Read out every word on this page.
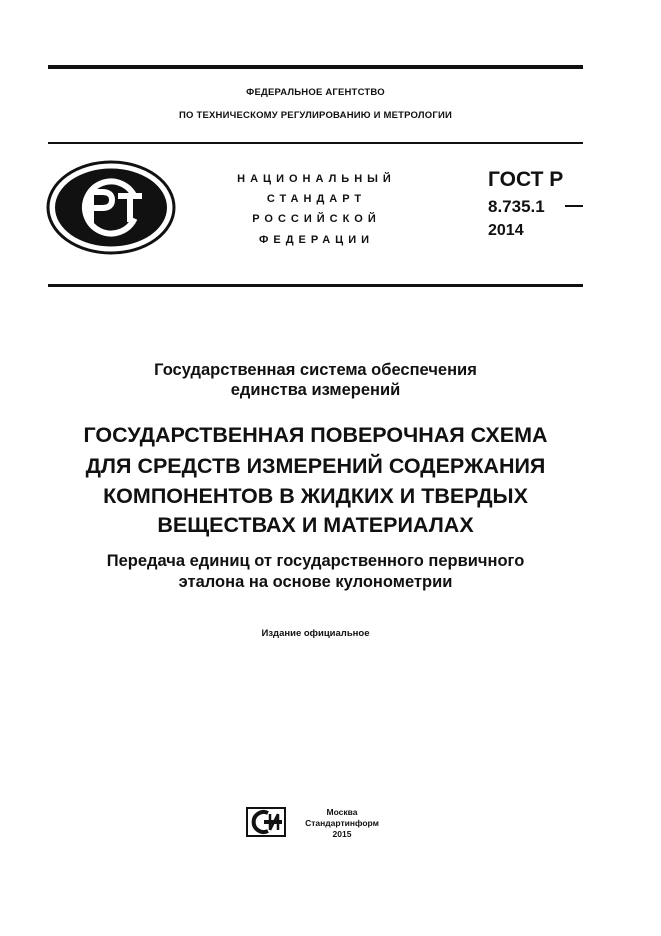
ФЕДЕРАЛЬНОЕ АГЕНТСТВО
ПО ТЕХНИЧЕСКОМУ РЕГУЛИРОВАНИЮ И МЕТРОЛОГИИ
НАЦИОНАЛЬНЫЙ
СТАНДАРТ
РОССИЙСКОЙ
ФЕДЕРАЦИИ
ГОСТ Р
8.735.1
2014
Государственная система обеспечения
единства измерений
ГОСУДАРСТВЕННАЯ ПОВЕРОЧНАЯ СХЕМА
ДЛЯ СРЕДСТВ ИЗМЕРЕНИЙ СОДЕРЖАНИЯ
КОМПОНЕНТОВ В ЖИДКИХ И ТВЕРДЫХ
ВЕЩЕСТВАХ И МАТЕРИАЛАХ
Передача единиц от государственного первичного
эталона на основе кулонометрии
Издание официальное
Москва
Стандартинформ
2015
